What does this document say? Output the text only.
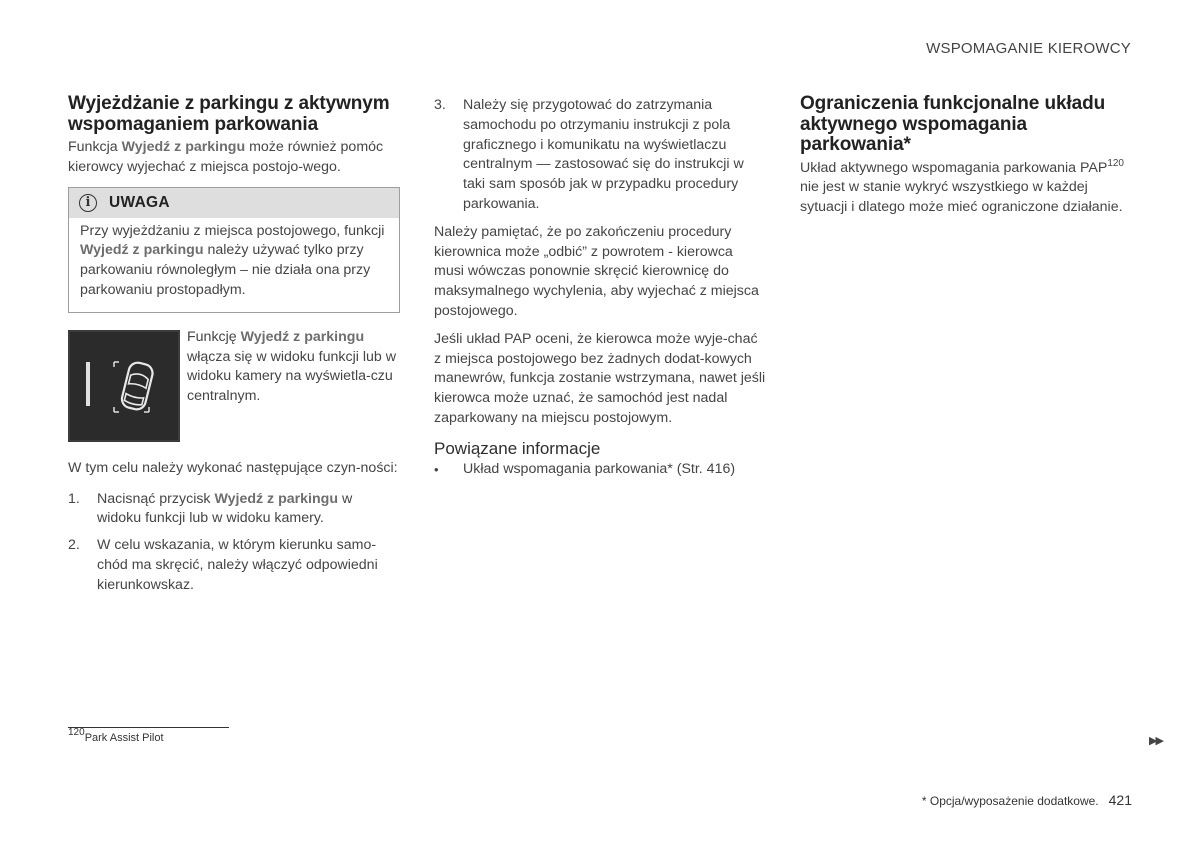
WSPOMAGANIE KIEROWCY
Wyjeżdżanie z parkingu z aktywnym wspomaganiem parkowania

Funkcja Wyjedź z parkingu może również pomóc kierowcy wyjechać z miejsca postojo-wego.

i	UWAGA
Przy wyjeżdżaniu z miejsca postojowego, funkcji Wyjedź z parkingu należy używać tylko przy parkowaniu równoległym – nie działa ona przy parkowaniu prostopadłym.

Funkcję Wyjedź z parkingu włącza się w widoku funkcji lub w widoku kamery na wyświetla-czu centralnym.

W tym celu należy wykonać następujące czyn-ności:

1.	Nacisnąć przycisk Wyjedź z parkingu w widoku funkcji lub w widoku kamery.
2.	W celu wskazania, w którym kierunku samo-chód ma skręcić, należy włączyć odpowiedni kierunkowskaz.
3.	Należy się przygotować do zatrzymania samochodu po otrzymaniu instrukcji z pola graficznego i komunikatu na wyświetlaczu centralnym — zastosować się do instrukcji w taki sam sposób jak w przypadku procedury parkowania.

Należy pamiętać, że po zakończeniu procedury kierownica może „odbić” z powrotem - kierowca musi wówczas ponownie skręcić kierownicę do maksymalnego wychylenia, aby wyjechać z miejsca postojowego.

Jeśli układ PAP oceni, że kierowca może wyje-chać z miejsca postojowego bez żadnych dodat-kowych manewrów, funkcja zostanie wstrzymana, nawet jeśli kierowca może uznać, że samochód jest nadal zaparkowany na miejscu postojowym.

Powiązane informacje
•	Układ wspomagania parkowania* (Str. 416)
Ograniczenia funkcjonalne układu aktywnego wspomagania parkowania*

Układ aktywnego wspomagania parkowania PAP$^{120}$ nie jest w stanie wykryć wszystkiego w każdej sytuacji i dlatego może mieć ograniczone działanie.

$^{120}$Park Assist Pilot	▶▶
* Opcja/wyposażenie dodatkowe. 421
